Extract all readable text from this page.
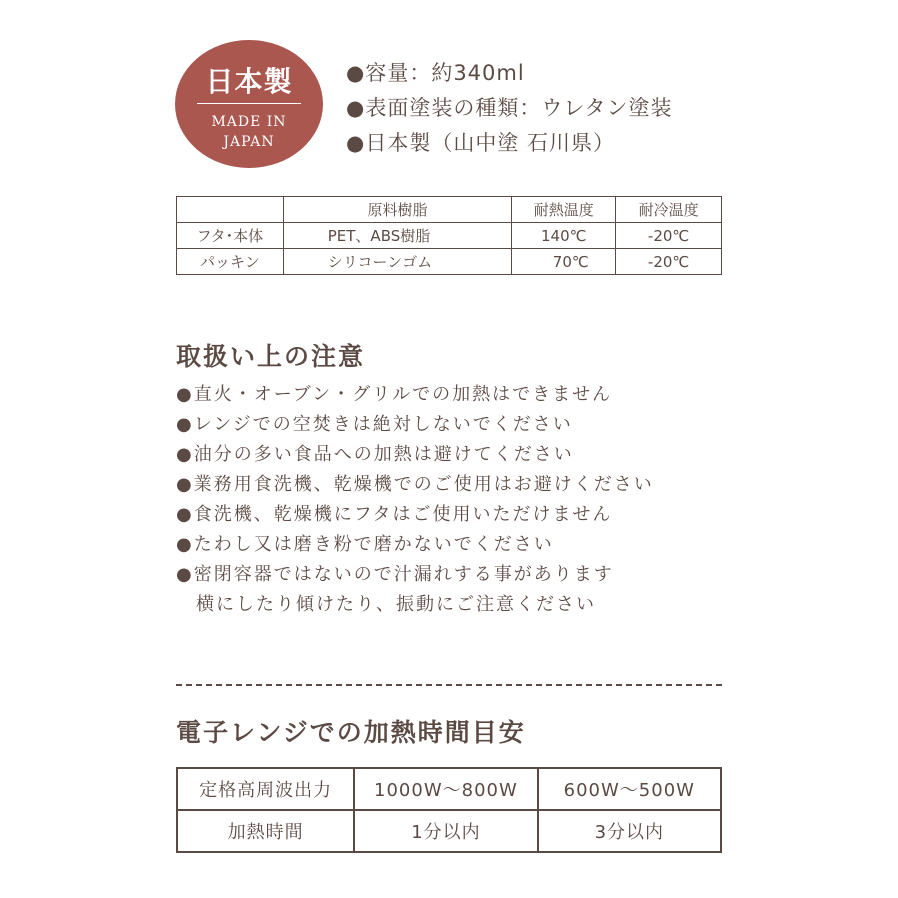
日本製
MADE IN
JAPAN
●容量：約340ml
●表面塗装の種類：ウレタン塗装
●日本製（山中塗 石川県）
	原料樹脂	耐熱温度	耐冷温度
フタ･本体	PET、ABS樹脂	140℃	-20℃
パッキン	シリコーンゴム	70℃	-20℃
取扱い上の注意
●直火・オーブン・グリルでの加熱はできません
●レンジでの空焚きは絶対しないでください
●油分の多い食品への加熱は避けてください
●業務用食洗機、乾燥機でのご使用はお避けください
●食洗機、乾燥機にフタはご使用いただけません
●たわし又は磨き粉で磨かないでください
●密閉容器ではないので汁漏れする事があります
　横にしたり傾けたり、振動にご注意ください
電子レンジでの加熱時間目安
定格高周波出力	1000W～800W	600W～500W
加熱時間	1分以内	3分以内
